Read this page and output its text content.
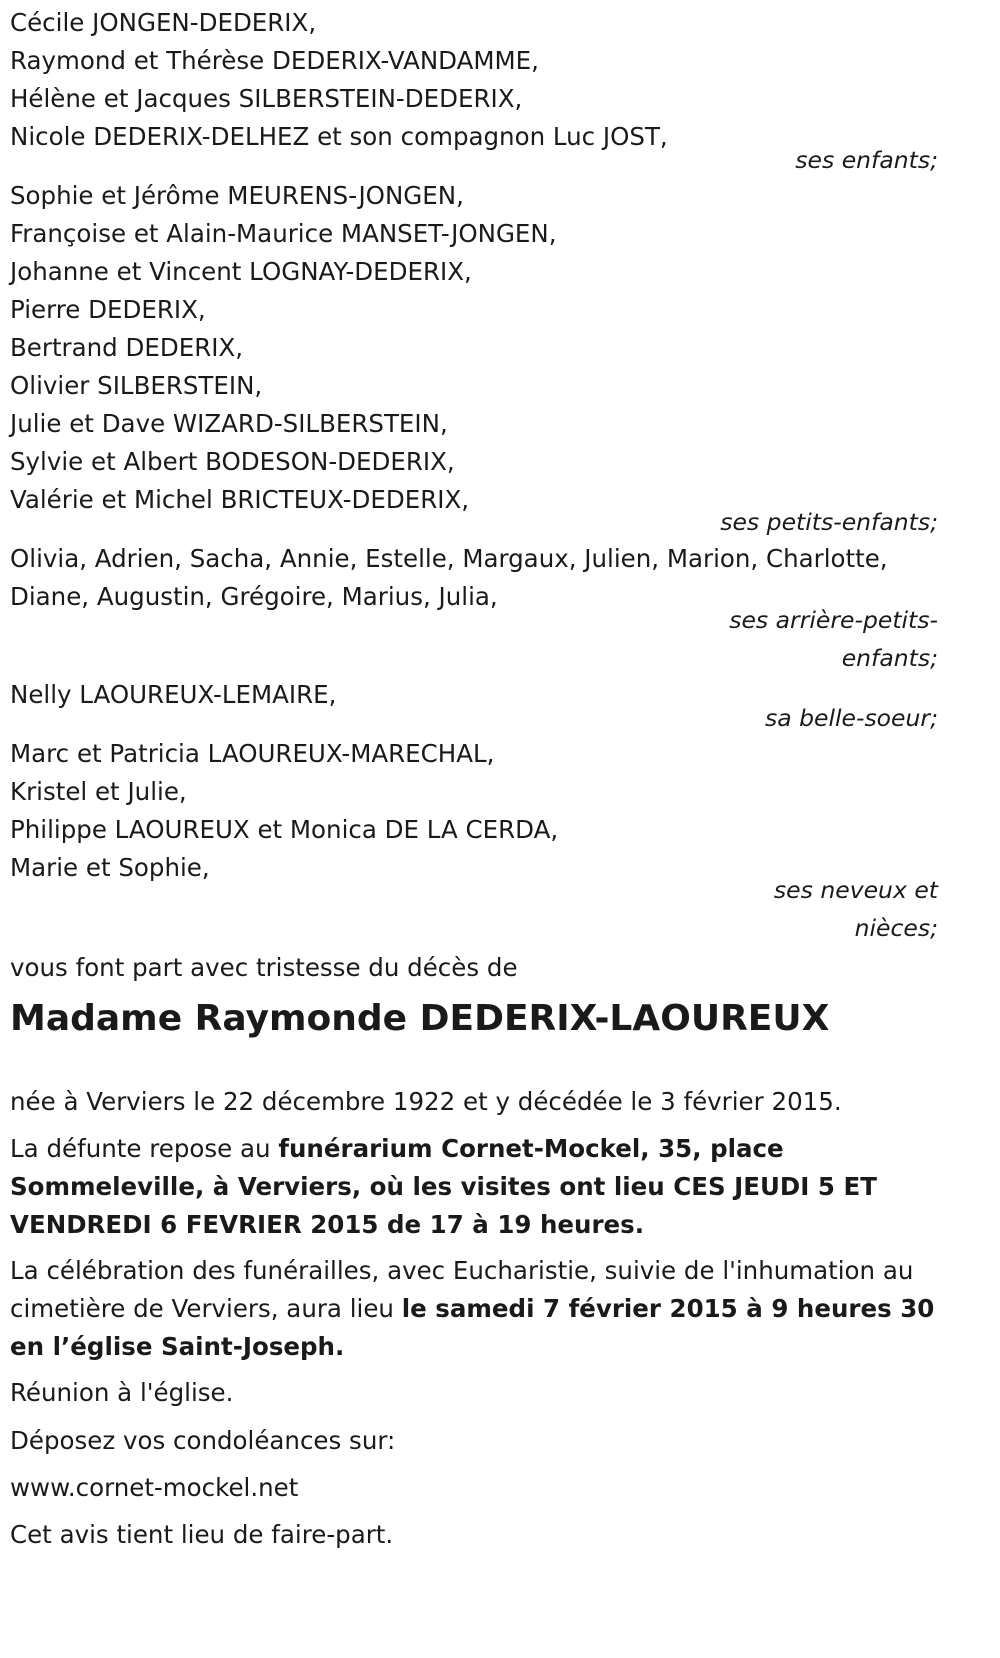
Cécile JONGEN-DEDERIX,

Raymond et Thérèse DEDERIX-VANDAMME,

Hélène et Jacques SILBERSTEIN-DEDERIX,

Nicole DEDERIX-DELHEZ et son compagnon Luc JOST,

ses enfants;

Sophie et Jérôme MEURENS-JONGEN,

Françoise et Alain-Maurice MANSET-JONGEN,

Johanne et Vincent LOGNAY-DEDERIX,

Pierre DEDERIX,

Bertrand DEDERIX,

Olivier SILBERSTEIN,

Julie et Dave WIZARD-SILBERSTEIN,

Sylvie et Albert BODESON-DEDERIX,

Valérie et Michel BRICTEUX-DEDERIX,

ses petits-enfants;

Olivia, Adrien, Sacha, Annie, Estelle, Margaux, Julien, Marion, Charlotte,

Diane, Augustin, Grégoire, Marius, Julia,

ses arrière-petits-
enfants;

Nelly LAOUREUX-LEMAIRE,

sa belle-soeur;

Marc et Patricia LAOUREUX-MARECHAL,

Kristel et Julie,

Philippe LAOUREUX et Monica DE LA CERDA,

Marie et Sophie,

ses neveux et
nièces;

vous font part avec tristesse du décès de

Madame Raymonde DEDERIX-LAOUREUX

née à Verviers le 22 décembre 1922 et y décédée le 3 février 2015.

La défunte repose au funérarium Cornet-Mockel, 35, place
Sommeleville, à Verviers, où les visites ont lieu CES JEUDI 5 ET
VENDREDI 6 FEVRIER 2015 de 17 à 19 heures.
La célébration des funérailles, avec Eucharistie, suivie de l'inhumation au
cimetière de Verviers, aura lieu le samedi 7 février 2015 à 9 heures 30
en l’église Saint-Joseph.

Réunion à l'église.

Déposez vos condoléances sur:

www.cornet-mockel.net

Cet avis tient lieu de faire-part.
